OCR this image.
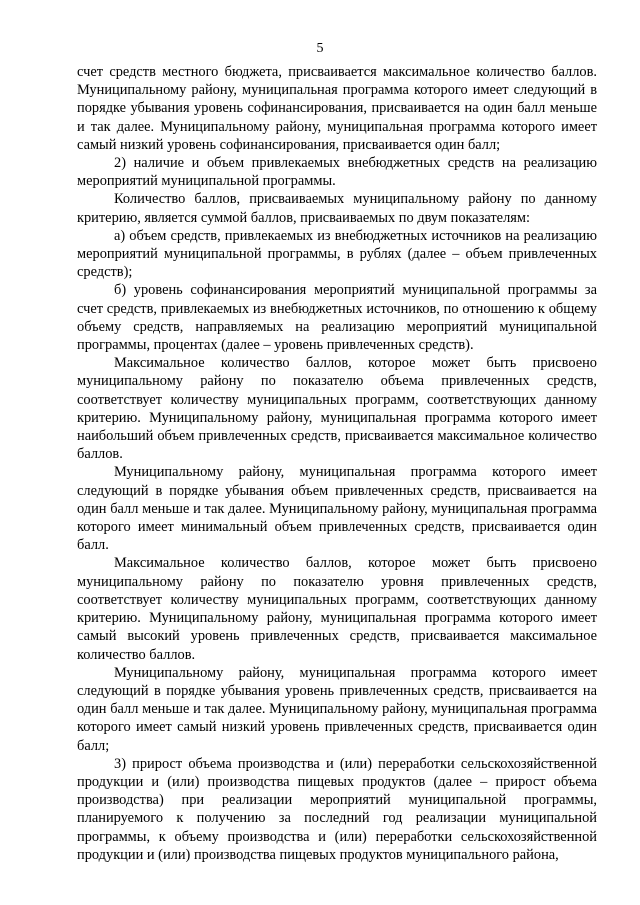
5

счет средств местного бюджета, присваивается максимальное количество баллов. Муниципальному району, муниципальная программа которого имеет следующий в порядке убывания уровень софинансирования, присваивается на один балл меньше и так далее. Муниципальному району, муниципальная программа которого имеет самый низкий уровень софинансирования, присваивается один балл;

2) наличие и объем привлекаемых внебюджетных средств на реализацию мероприятий муниципальной программы.

Количество баллов, присваиваемых муниципальному району по данному критерию, является суммой баллов, присваиваемых по двум показателям:

а) объем средств, привлекаемых из внебюджетных источников на реализацию мероприятий муниципальной программы, в рублях (далее – объем привлеченных средств);

б) уровень софинансирования мероприятий муниципальной программы за счет средств, привлекаемых из внебюджетных источников, по отношению к общему объему средств, направляемых на реализацию мероприятий муниципальной программы, процентах (далее – уровень привлеченных средств).

Максимальное количество баллов, которое может быть присвоено муниципальному району по показателю объема привлеченных средств, соответствует количеству муниципальных программ, соответствующих данному критерию. Муниципальному району, муниципальная программа которого имеет наибольший объем привлеченных средств, присваивается максимальное количество баллов.

Муниципальному району, муниципальная программа которого имеет следующий в порядке убывания объем привлеченных средств, присваивается на один балл меньше и так далее. Муниципальному району, муниципальная программа которого имеет минимальный объем привлеченных средств, присваивается один балл.

Максимальное количество баллов, которое может быть присвоено муниципальному району по показателю уровня привлеченных средств, соответствует количеству муниципальных программ, соответствующих данному критерию. Муниципальному району, муниципальная программа которого имеет самый высокий уровень привлеченных средств, присваивается максимальное количество баллов.

Муниципальному району, муниципальная программа которого имеет следующий в порядке убывания уровень привлеченных средств, присваивается на один балл меньше и так далее. Муниципальному району, муниципальная программа которого имеет самый низкий уровень привлеченных средств, присваивается один балл;

3) прирост объема производства и (или) переработки сельскохозяйственной продукции и (или) производства пищевых продуктов (далее – прирост объема производства) при реализации мероприятий муниципальной программы, планируемого к получению за последний год реализации муниципальной программы, к объему производства и (или) переработки сельскохозяйственной продукции и (или) производства пищевых продуктов муниципального района,
